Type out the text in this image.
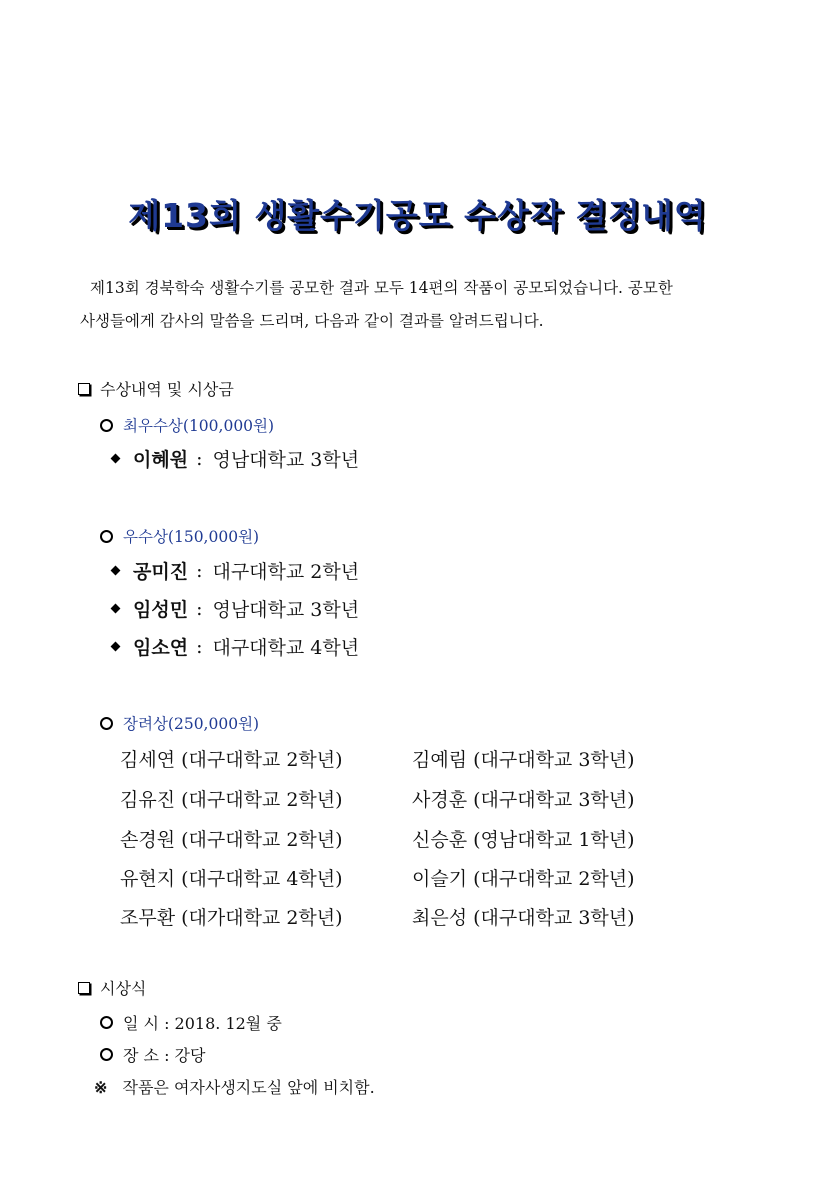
제13회 생활수기공모 수상작 결정내역
제13회 경북학숙 생활수기를 공모한 결과 모두 14편의 작품이 공모되었습니다. 공모한
사생들에게 감사의 말씀을 드리며, 다음과 같이 결과를 알려드립니다.
수상내역 및 시상금
최우수상(100,000원)
이혜원 : 영남대학교 3학년
우수상(150,000원)
공미진 : 대구대학교 2학년
임성민 : 영남대학교 3학년
임소연 : 대구대학교 4학년
장려상(250,000원)
김세연 (대구대학교 2학년)
김유진 (대구대학교 2학년)
손경원 (대구대학교 2학년)
유현지 (대구대학교 4학년)
조무환 (대가대학교 2학년)
김예림 (대구대학교 3학년)
사경훈 (대구대학교 3학년)
신승훈 (영남대학교 1학년)
이슬기 (대구대학교 2학년)
최은성 (대구대학교 3학년)
시상식
일 시 : 2018. 12월 중
장 소 : 강당
※ 작품은 여자사생지도실 앞에 비치함.
